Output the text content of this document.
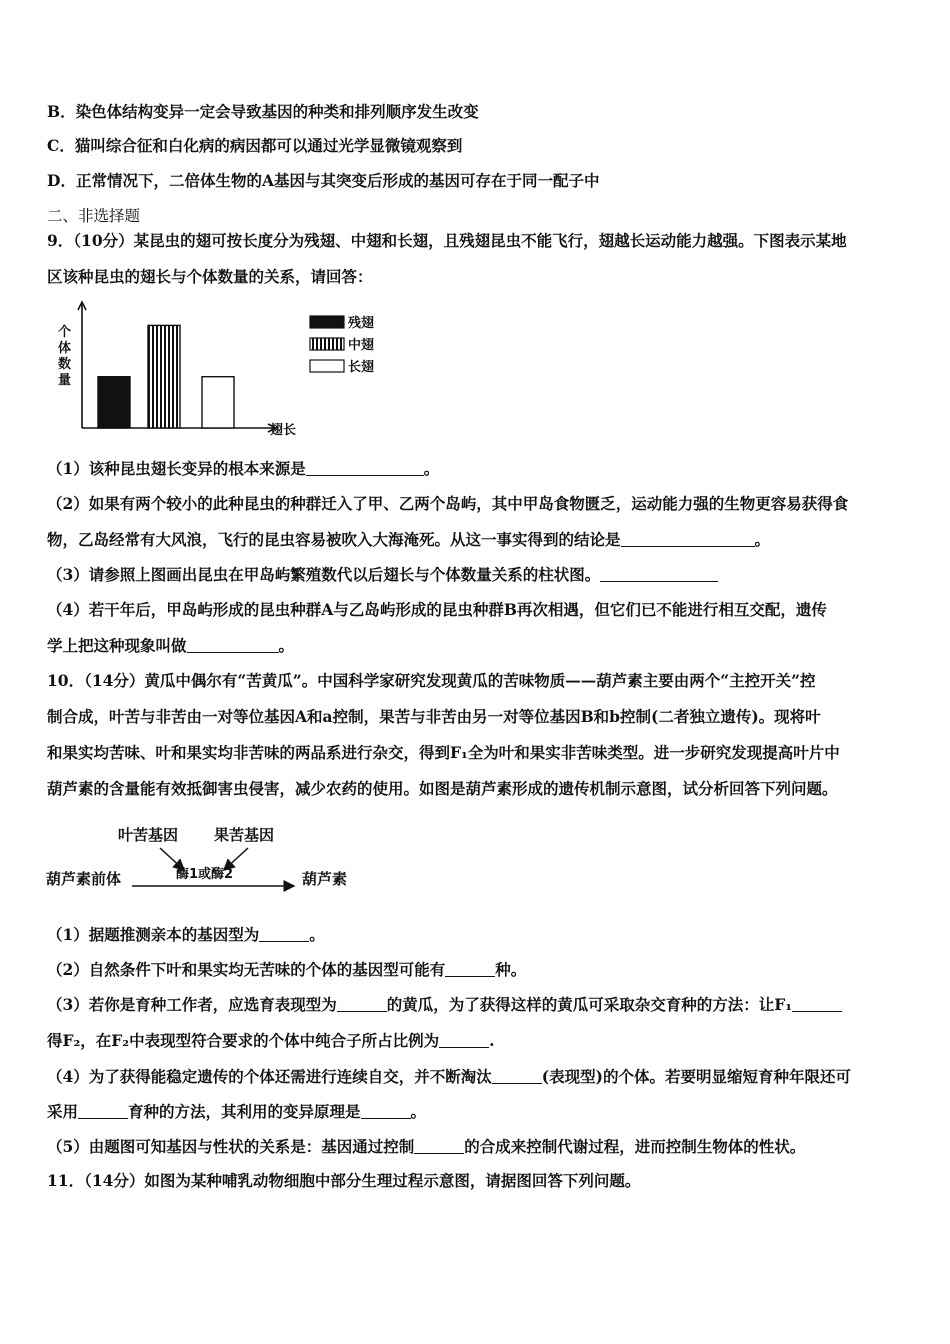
B．染色体结构变异一定会导致基因的种类和排列顺序发生改变
C．猫叫综合征和白化病的病因都可以通过光学显微镜观察到
D．正常情况下，二倍体生物的A基因与其突变后形成的基因可存在于同一配子中
二、非选择题
9．（10分）某昆虫的翅可按长度分为残翅、中翅和长翅，且残翅昆虫不能飞行，翅越长运动能力越强。下图表示某地
区该种昆虫的翅长与个体数量的关系，请回答：
个
体
数
量
翅长
残翅
中翅
长翅
（1）该种昆虫翅长变异的根本来源是	。
（2）如果有两个较小的此种昆虫的种群迁入了甲、乙两个岛屿，其中甲岛食物匮乏，运动能力强的生物更容易获得食
物，乙岛经常有大风浪，飞行的昆虫容易被吹入大海淹死。从这一事实得到的结论是	。
（3）请参照上图画出昆虫在甲岛屿繁殖数代以后翅长与个体数量关系的柱状图。
（4）若干年后，甲岛屿形成的昆虫种群A与乙岛屿形成的昆虫种群B再次相遇，但它们已不能进行相互交配，遗传
学上把这种现象叫做	。
10．（14分）黄瓜中偶尔有“苦黄瓜”。中国科学家研究发现黄瓜的苦味物质——葫芦素主要由两个“主控开关”控
制合成，叶苦与非苦由一对等位基因A和a控制，果苦与非苦由另一对等位基因B和b控制(二者独立遗传)。现将叶
和果实均苦味、叶和果实均非苦味的两品系进行杂交，得到F₁全为叶和果实非苦味类型。进一步研究发现提高叶片中
葫芦素的含量能有效抵御害虫侵害，减少农药的使用。如图是葫芦素形成的遗传机制示意图，试分析回答下列问题。
叶苦基因 果苦基因
葫芦素前体	酶1或酶2	葫芦素
（1）据题推测亲本的基因型为	。
（2）自然条件下叶和果实均无苦味的个体的基因型可能有	种。
（3）若你是育种工作者，应选育表现型为	的黄瓜，为了获得这样的黄瓜可采取杂交育种的方法：让F₁
得F₂，在F₂中表现型符合要求的个体中纯合子所占比例为	.
（4）为了获得能稳定遗传的个体还需进行连续自交，并不断淘汰	(表现型)的个体。若要明显缩短育种年限还可
采用	育种的方法，其利用的变异原理是	。
（5）由题图可知基因与性状的关系是：基因通过控制	的合成来控制代谢过程，进而控制生物体的性状。
11．（14分）如图为某种哺乳动物细胞中部分生理过程示意图，请据图回答下列问题。
